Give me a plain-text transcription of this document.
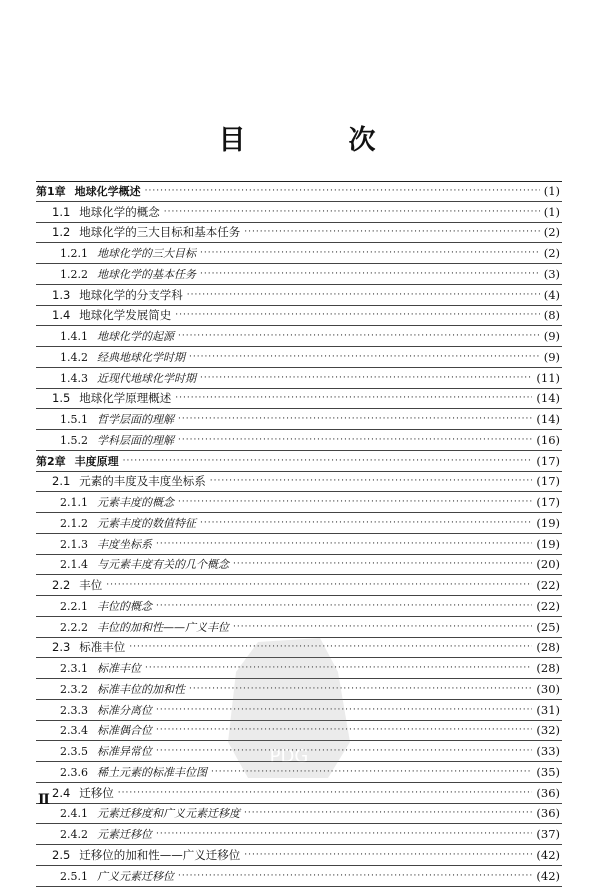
目　次
第1章 地球化学概述 ·····	(1)
1.1 地球化学的概念 ·····	(1)
1.2 地球化学的三大目标和基本任务 ·····	(2)
1.2.1 地球化学的三大目标 ·····	(2)
1.2.2 地球化学的基本任务 ·····	(3)
1.3 地球化学的分支学科 ·····	(4)
1.4 地球化学发展简史 ·····	(8)
1.4.1 地球化学的起源 ·····	(9)
1.4.2 经典地球化学时期 ·····	(9)
1.4.3 近现代地球化学时期 ·····	(11)
1.5 地球化学原理概述 ·····	(14)
1.5.1 哲学层面的理解 ·····	(14)
1.5.2 学科层面的理解 ·····	(16)
第2章 丰度原理 ·····	(17)
2.1 元素的丰度及丰度坐标系 ·····	(17)
2.1.1 元素丰度的概念 ·····	(17)
2.1.2 元素丰度的数值特征 ·····	(19)
2.1.3 丰度坐标系 ·····	(19)
2.1.4 与元素丰度有关的几个概念 ·····	(20)
2.2 丰位 ·····	(22)
2.2.1 丰位的概念 ·····	(22)
2.2.2 丰位的加和性——广义丰位 ·····	(25)
2.3 标准丰位 ·····	(28)
2.3.1 标准丰位 ·····	(28)
2.3.2 标准丰位的加和性 ·····	(30)
2.3.3 标准分离位 ·····	(31)
2.3.4 标准偶合位 ·····	(32)
2.3.5 标准异常位 ·····	(33)
2.3.6 稀土元素的标准丰位图 ·····	(35)
2.4 迁移位 ·····	(36)
2.4.1 元素迁移度和广义元素迁移度 ·····	(36)
2.4.2 元素迁移位 ·····	(37)
2.5 迁移位的加和性——广义迁移位 ·····	(42)
2.5.1 广义元素迁移位 ·····	(42)
PDG
Ⅱ
